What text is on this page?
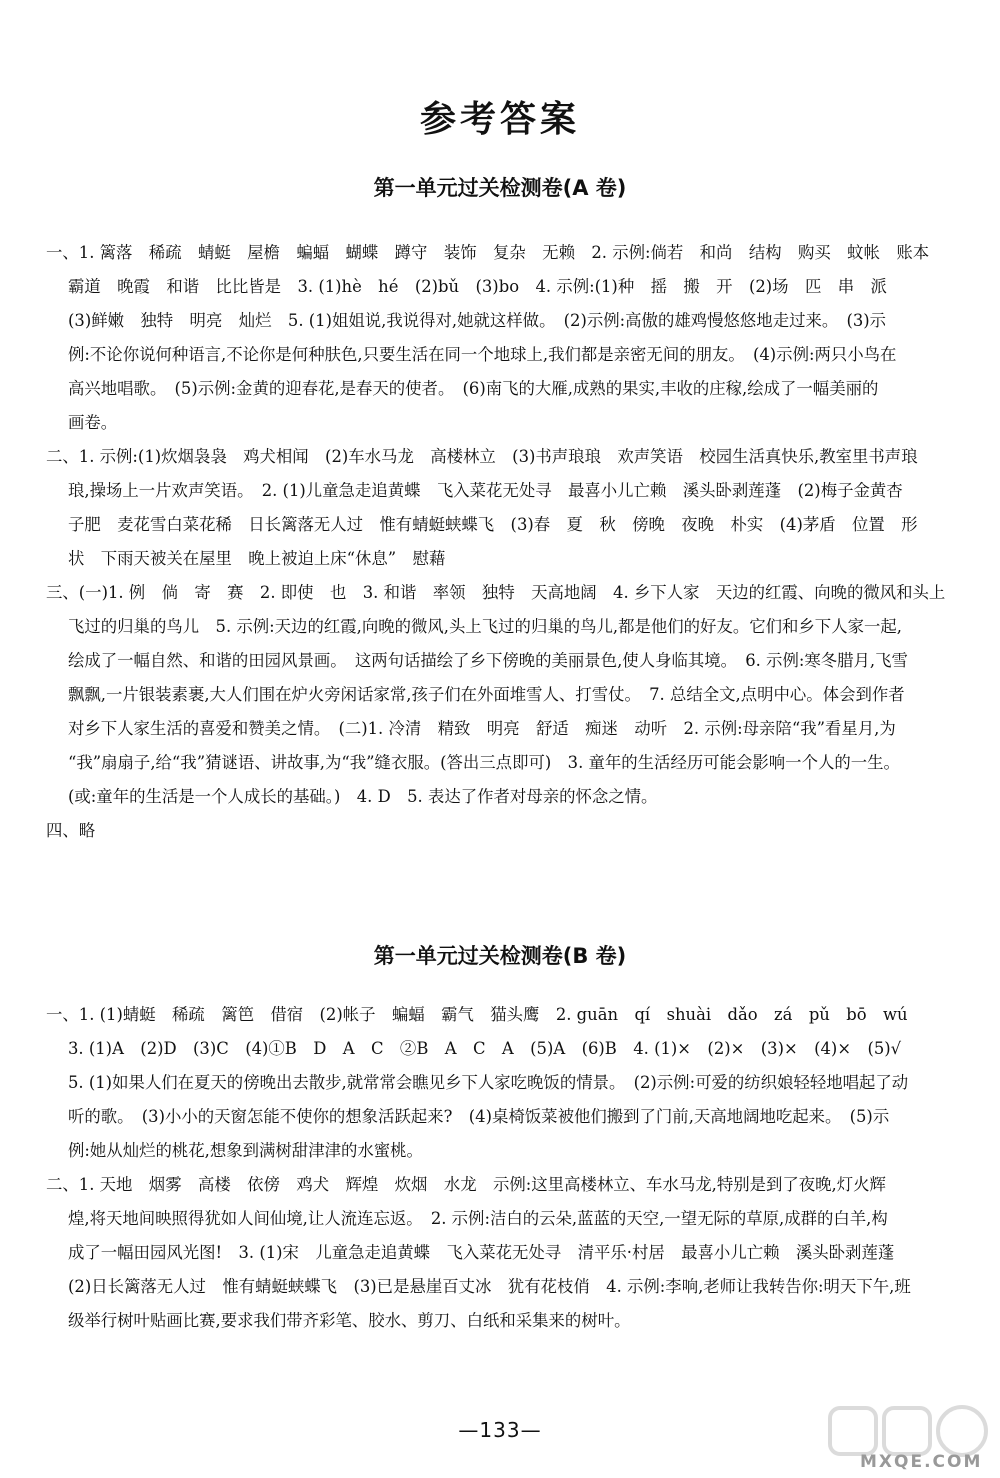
参考答案
第一单元过关检测卷(A 卷)
一、1. 篱落　稀疏　蜻蜓　屋檐　蝙蝠　蝴蝶　蹲守　装饰　复杂　无赖　2. 示例:倘若　和尚　结构　购买　蚊帐　账本
霸道　晚霞　和谐　比比皆是　3. (1)hè　hé　(2)bǔ　(3)bo　4. 示例:(1)种　摇　搬　开　(2)场　匹　串　派
(3)鲜嫩　独特　明亮　灿烂　5. (1)姐姐说,我说得对,她就这样做。　(2)示例:高傲的雄鸡慢悠悠地走过来。　(3)示
例:不论你说何种语言,不论你是何种肤色,只要生活在同一个地球上,我们都是亲密无间的朋友。　(4)示例:两只小鸟在
高兴地唱歌。　(5)示例:金黄的迎春花,是春天的使者。　(6)南飞的大雁,成熟的果实,丰收的庄稼,绘成了一幅美丽的
画卷。
二、1. 示例:(1)炊烟袅袅　鸡犬相闻　(2)车水马龙　高楼林立　(3)书声琅琅　欢声笑语　校园生活真快乐,教室里书声琅
琅,操场上一片欢声笑语。　2. (1)儿童急走追黄蝶　飞入菜花无处寻　最喜小儿亡赖　溪头卧剥莲蓬　(2)梅子金黄杏
子肥　麦花雪白菜花稀　日长篱落无人过　惟有蜻蜓蛱蝶飞　(3)春　夏　秋　傍晚　夜晚　朴实　(4)茅盾　位置　形
状　下雨天被关在屋里　晚上被迫上床“休息”　慰藉
三、(一)1. 例　倘　寄　赛　2. 即使　也　3. 和谐　率领　独特　天高地阔　4. 乡下人家　天边的红霞、向晚的微风和头上
飞过的归巢的鸟儿　5. 示例:天边的红霞,向晚的微风,头上飞过的归巢的鸟儿,都是他们的好友。它们和乡下人家一起,
绘成了一幅自然、和谐的田园风景画。　这两句话描绘了乡下傍晚的美丽景色,使人身临其境。　6. 示例:寒冬腊月,飞雪
飘飘,一片银装素裹,大人们围在炉火旁闲话家常,孩子们在外面堆雪人、打雪仗。　7. 总结全文,点明中心。体会到作者
对乡下人家生活的喜爱和赞美之情。　(二)1. 冷清　精致　明亮　舒适　痴迷　动听　2. 示例:母亲陪“我”看星月,为
“我”扇扇子,给“我”猜谜语、讲故事,为“我”缝衣服。(答出三点即可)　3. 童年的生活经历可能会影响一个人的一生。
(或:童年的生活是一个人成长的基础。)　4. D　5. 表达了作者对母亲的怀念之情。
四、略
第一单元过关检测卷(B 卷)
一、1. (1)蜻蜓　稀疏　篱笆　借宿　(2)帐子　蝙蝠　霸气　猫头鹰　2. guān　qí　shuài　dǎo　zá　pǔ　bō　wú
3. (1)A　(2)D　(3)C　(4)①B　D　A　C　②B　A　C　A　(5)A　(6)B　4. (1)×　(2)×　(3)×　(4)×　(5)√
5. (1)如果人们在夏天的傍晚出去散步,就常常会瞧见乡下人家吃晚饭的情景。　(2)示例:可爱的纺织娘轻轻地唱起了动
听的歌。　(3)小小的天窗怎能不使你的想象活跃起来?　(4)桌椅饭菜被他们搬到了门前,天高地阔地吃起来。　(5)示
例:她从灿烂的桃花,想象到满树甜津津的水蜜桃。
二、1. 天地　烟雾　高楼　依傍　鸡犬　辉煌　炊烟　水龙　示例:这里高楼林立、车水马龙,特别是到了夜晚,灯火辉
煌,将天地间映照得犹如人间仙境,让人流连忘返。　2. 示例:洁白的云朵,蓝蓝的天空,一望无际的草原,成群的白羊,构
成了一幅田园风光图!　3. (1)宋　儿童急走追黄蝶　飞入菜花无处寻　清平乐·村居　最喜小儿亡赖　溪头卧剥莲蓬
(2)日长篱落无人过　惟有蜻蜓蛱蝶飞　(3)已是悬崖百丈冰　犹有花枝俏　4. 示例:李响,老师让我转告你:明天下午,班
级举行树叶贴画比赛,要求我们带齐彩笔、胶水、剪刀、白纸和采集来的树叶。
—133—
MXQE.COM
